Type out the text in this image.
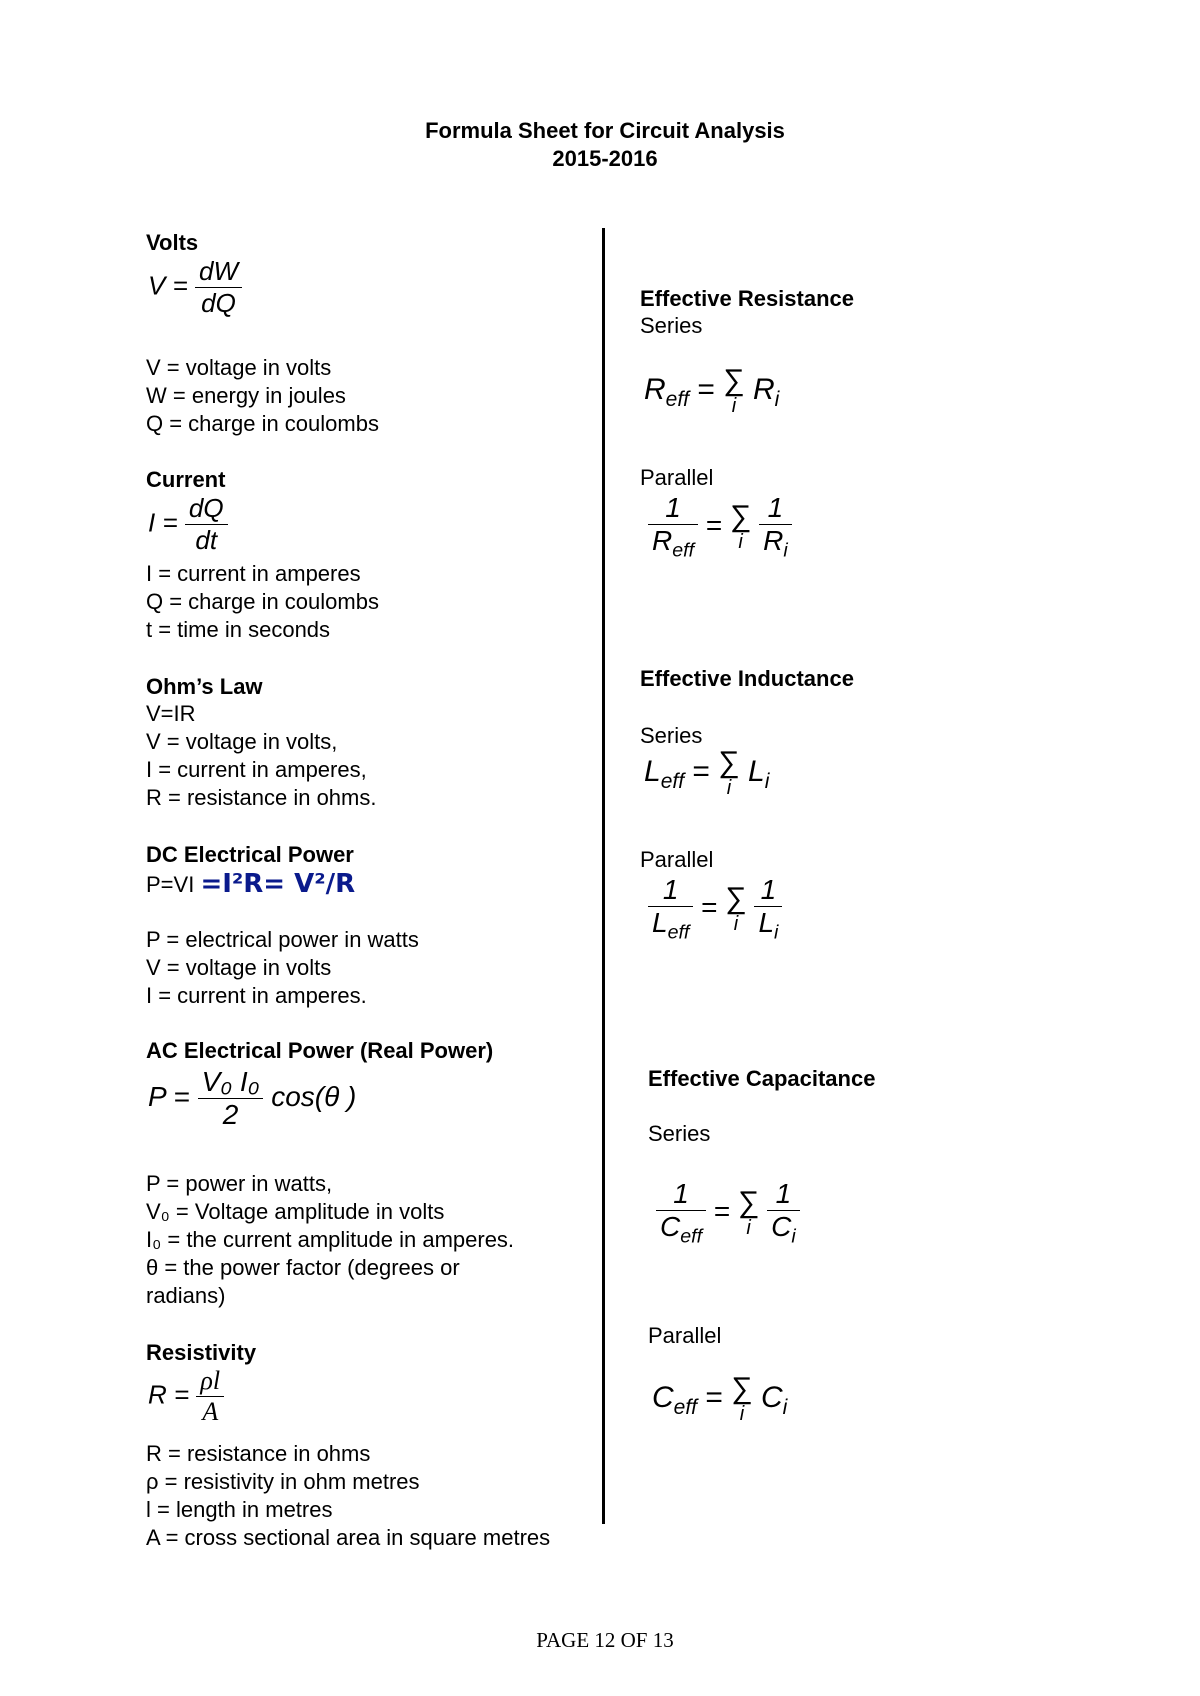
Formula Sheet for Circuit Analysis
2015-2016
Volts
$V = \frac{dW}{dQ}$
V = voltage in volts
W = energy in joules
Q = charge in coulombs
Current
$I = \frac{dQ}{dt}$
I = current in amperes
Q = charge in coulombs
t = time in seconds
Ohm’s Law
V=IR
V = voltage in volts,
I = current in amperes,
R = resistance in ohms.
DC Electrical Power
P=VI =I²R= V²/R
P = electrical power in watts
V = voltage in volts
I = current in amperes.
AC Electrical Power (Real Power)
$P = \frac{\text{V₀ I₀}}{2} \cos(\theta$ )
P = power in watts,
V₀ = Voltage amplitude in volts
I₀ = the current amplitude in amperes.
θ = the power factor (degrees or
radians)
Resistivity
$R = \frac{\rho l}{A}$
R = resistance in ohms
ρ = resistivity in ohm metres
l = length in metres
A = cross sectional area in square metres
Effective Resistance
Series
$R_{eff}$ = ∑
i
$R_i$
Parallel
$\frac{1}{R_{eff}}$ = ∑
i
$\frac{1}{R_i}$
Effective Inductance
Series
$L_{eff}$ = ∑
i
$L_i$
Parallel
$\frac{1}{L_{eff}}$ = ∑
i
$\frac{1}{L_i}$
Effective Capacitance
Series
$\frac{1}{C_{eff}}$ = ∑
i
$\frac{1}{C_i}$
Parallel
$C_{eff}$ = ∑
i
$C_i$
PAGE 12 OF 13
